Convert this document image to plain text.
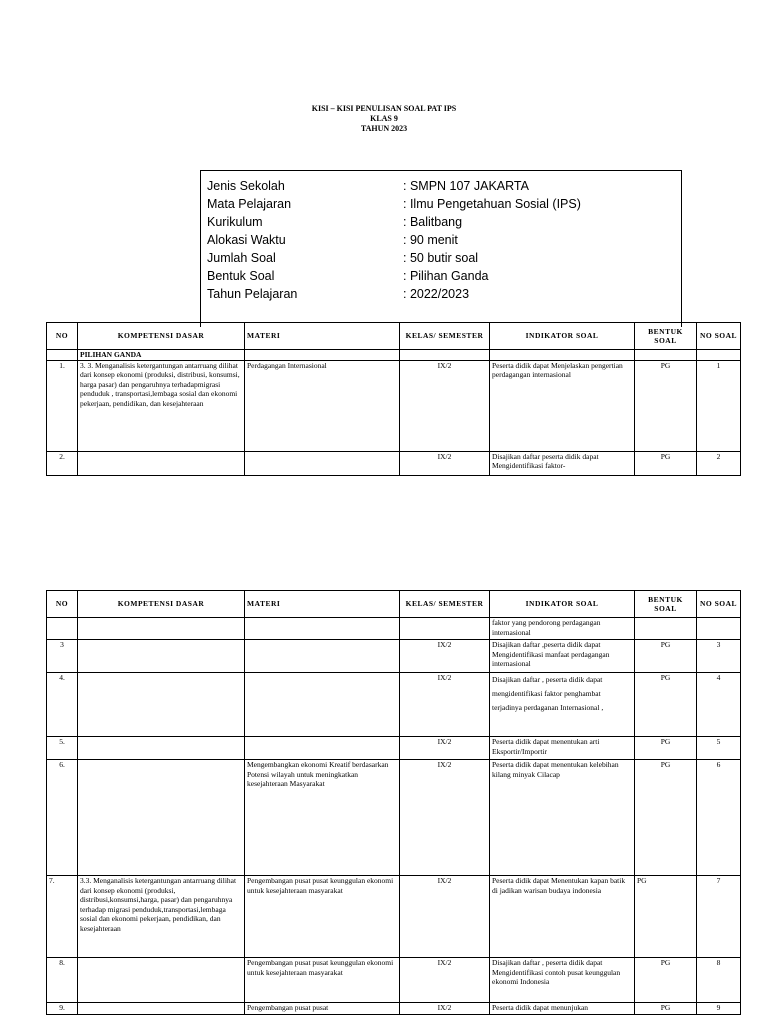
KISI – KISI PENULISAN SOAL PAT IPS
KLAS 9
TAHUN 2023
Jenis Sekolah	: SMPN 107 JAKARTA
Mata Pelajaran	: Ilmu Pengetahuan Sosial (IPS)
Kurikulum	: Balitbang
Alokasi Waktu	: 90 menit
Jumlah Soal	: 50 butir soal
Bentuk Soal	: Pilihan Ganda
Tahun Pelajaran	: 2022/2023
NO	KOMPETENSI DASAR	MATERI	KELAS/ SEMESTER	INDIKATOR SOAL	BENTUK SOAL	NO SOAL
	PILIHAN GANDA					
1.	3. 3. Menganalisis ketergantungan antarruang dilihat dari konsep ekonomi (produksi, distribusi, konsumsi, harga pasar) dan pengaruhnya terhadapmigrasi penduduk , transportasi,lembaga sosial dan ekonomi pekerjaan, pendidikan, dan kesejahteraan	Perdagangan Internasional	IX/2	Peserta didik dapat Menjelaskan pengertian perdagangan internasional	PG	1
2.			IX/2	Disajikan daftar peserta didik dapat Mengidentifikasi faktor-	PG	2
NO	KOMPETENSI DASAR	MATERI	KELAS/ SEMESTER	INDIKATOR SOAL	BENTUK SOAL	NO SOAL
				faktor yang pendorong perdagangan internasional		
3			IX/2	Disajikan daftar ,peserta didik dapat Mengidentifikasi manfaat perdagangan internasional	PG	3
4.			IX/2	Disajikan daftar , peserta didik dapat mengidentifikasi faktor penghambat terjadinya perdaganan Internasional ,	PG	4
5.			IX/2	Peserta didik dapat menentukan arti Eksportir/Importir	PG	5
6.		Mengembangkan ekonomi Kreatif berdasarkan Potensi wilayah untuk meningkatkan kesejahteraan Masyarakat	IX/2	Peserta didik dapat menentukan kelebihan kilang minyak Cilacap	PG	6
7.	3.3. Menganalisis ketergantungan antarruang dilihat dari konsep ekonomi (produksi, distribusi,konsumsi,harga, pasar) dan pengaruhnya terhadap migrasi penduduk,transportasi,lembaga sosial dan ekonomi pekerjaan, pendidikan, dan kesejahteraan	Pengembangan pusat pusat keunggulan ekonomi untuk kesejahteraan masyarakat	IX/2	Peserta didik dapat Menentukan kapan batik di jadikan warisan budaya indonesia	PG	7
8.		Pengembangan pusat pusat keunggulan ekonomi untuk kesejahteraan masyarakat	IX/2	Disajikan daftar , peserta didik dapat Mengidentifikasi contoh pusat keunggulan ekonomi Indonesia	PG	8
9.		Pengembangan pusat pusat	IX/2	Peserta didik dapat menunjukan	PG	9
